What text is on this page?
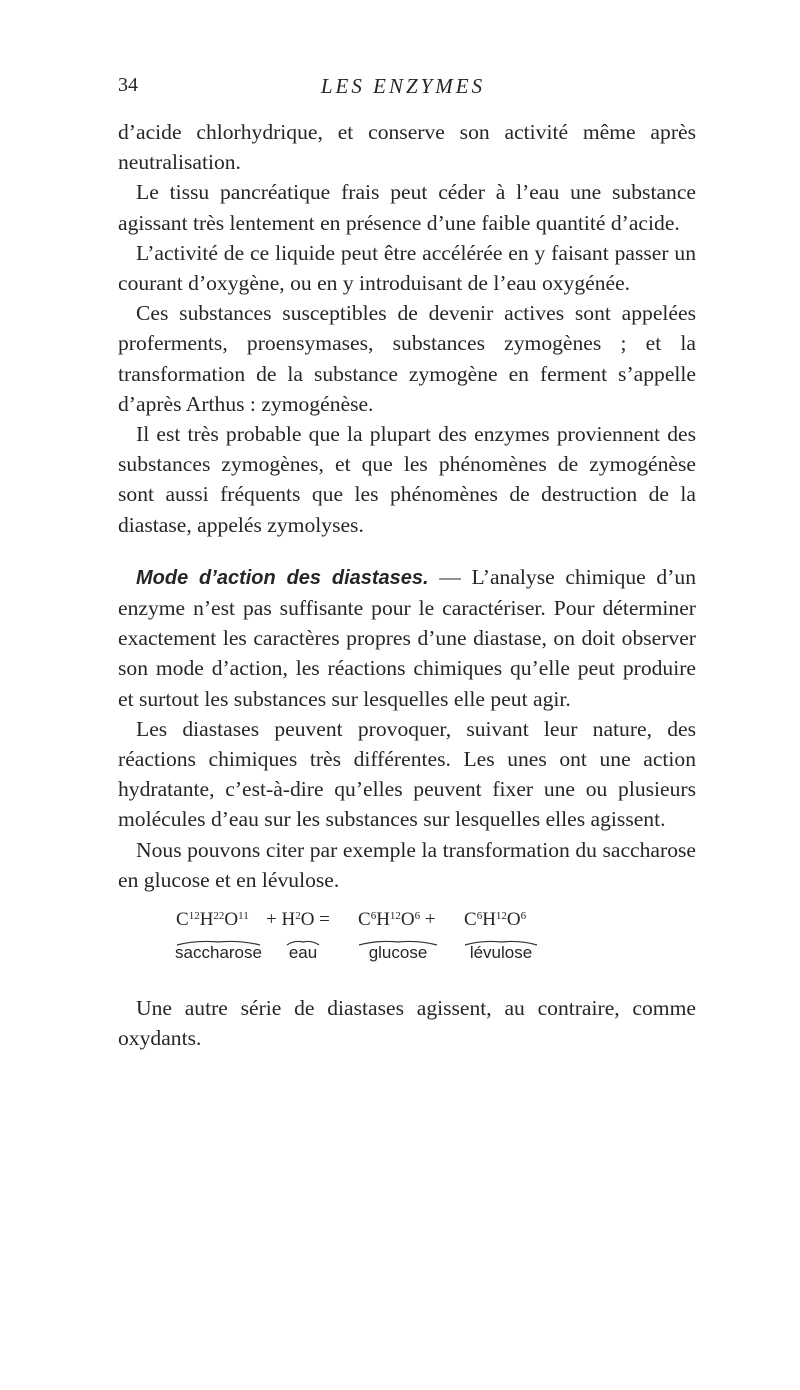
34	LES ENZYMES

d’acide chlorhydrique, et conserve son activité même après neutralisation.

Le tissu pancréatique frais peut céder à l’eau une substance agissant très lentement en présence d’une faible quantité d’acide.

L’activité de ce liquide peut être accélérée en y faisant passer un courant d’oxygène, ou en y introduisant de l’eau oxygénée.

Ces substances susceptibles de devenir actives sont appelées proferments, proensymases, substances zymogènes ; et la transformation de la substance zymogène en ferment s’appelle d’après Arthus : zymogénèse.

Il est très probable que la plupart des enzymes proviennent des substances zymogènes, et que les phénomènes de zymogénèse sont aussi fréquents que les phénomènes de destruction de la diastase, appelés zymolyses.

Mode d’action des diastases. — L’analyse chimique d’un enzyme n’est pas suffisante pour le caractériser. Pour déterminer exactement les caractères propres d’une diastase, on doit observer son mode d’action, les réactions chimiques qu’elle peut produire et surtout les substances sur lesquelles elle peut agir.

Les diastases peuvent provoquer, suivant leur nature, des réactions chimiques très différentes. Les unes ont une action hydratante, c’est-à-dire qu’elles peuvent fixer une ou plusieurs molécules d’eau sur les substances sur lesquelles elles agissent.

Nous pouvons citer par exemple la transformation du saccharose en glucose et en lévulose.

$C^{12}H^{22}O^{11} + H^2O = C^6H^{12}O^6 + C^6H^{12}O^6$
saccharose	eau	glucose	lévulose

Une autre série de diastases agissent, au contraire, comme oxydants.
